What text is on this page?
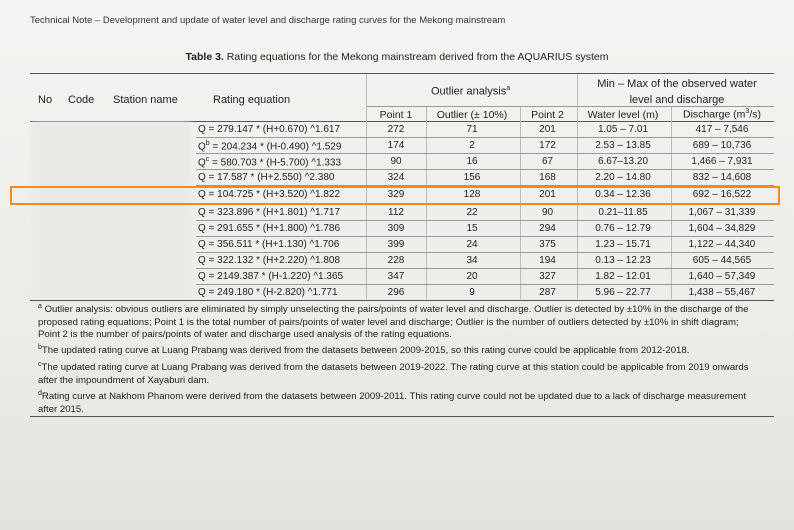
Technical Note – Development and update of water level and discharge rating curves for the Mekong mainstream
Table 3. Rating equations for the Mekong mainstream derived from the AQUARIUS system
No Code Station name	Rating equation
Outlier analysis$^a$	Min – Max of the observed water
level and discharge
Point 1	Outlier (± 10%)	Point 2	Water level (m)	Discharge $(m^3/s)$
Q = 279.147 * (H+0.670) ^1.617	272	71	201	1.05 – 7.01	417 – 7,546
$Q^b = 204.234 * (H-0.490)$ ^1.529	174	2	172	2.53 – 13.85	689 – 10,736
$Q^c = 580.703 * (H-5.700)$ ^1.333	90	16	67	6.67–13.20	1,466 – 7,931
Q = 17.587 * (H+2.550) ^2.380	324	156	168	2.20 – 14.80	832 – 14,608
Q = 104.725 * (H+3.520) ^1.822	329	128	201	0.34 – 12.36	692 – 16,522
Q = 323.896 * (H+1.801) ^1.717	112	22	90	0.21–11.85	1,067 – 31,339
Q = 291.655 * (H+1.800) ^1.786	309	15	294	0.76 – 12.79	1,604 – 34,829
Q = 356.511 * (H+1.130) ^1.706	399	24	375	1.23 – 15.71	1,122 – 44,340
Q = 322.132 * (H+2.220) ^1.808	228	34	194	0.13 – 12.23	605 – 44,565
Q = 2149.387 * (H-1.220) ^1.365	347	20	327	1.82 – 12.01	1,640 – 57,349
Q = 249.180 * (H-2.820) ^1.771	296	9	287	5.96 – 22.77	1,438 – 55,467

$^a$ Outlier analysis: obvious outliers are eliminated by simply unselecting the pairs/points of water level and discharge. Outlier is detected by ±10% in the discharge of the proposed rating equations; Point 1 is the total number of pairs/points of water level and discharge; Outlier is the number of outliers detected by ±10% in shift diagram; Point 2 is the number of pairs/points of water and discharge used analysis of the rating equations.

$^b$The updated rating curve at Luang Prabang was derived from the datasets between 2009-2015, so this rating curve could be applicable from 2012-2018.

$^c$The updated rating curve at Luang Prabang was derived from the datasets between 2019-2022. The rating curve at this station could be applicable from 2019 onwards after the impoundment of Xayaburi dam.

$^d$Rating curve at Nakhom Phanom were derived from the datasets between 2009-2011. This rating curve could not be updated due to a lack of discharge measurement after 2015.
